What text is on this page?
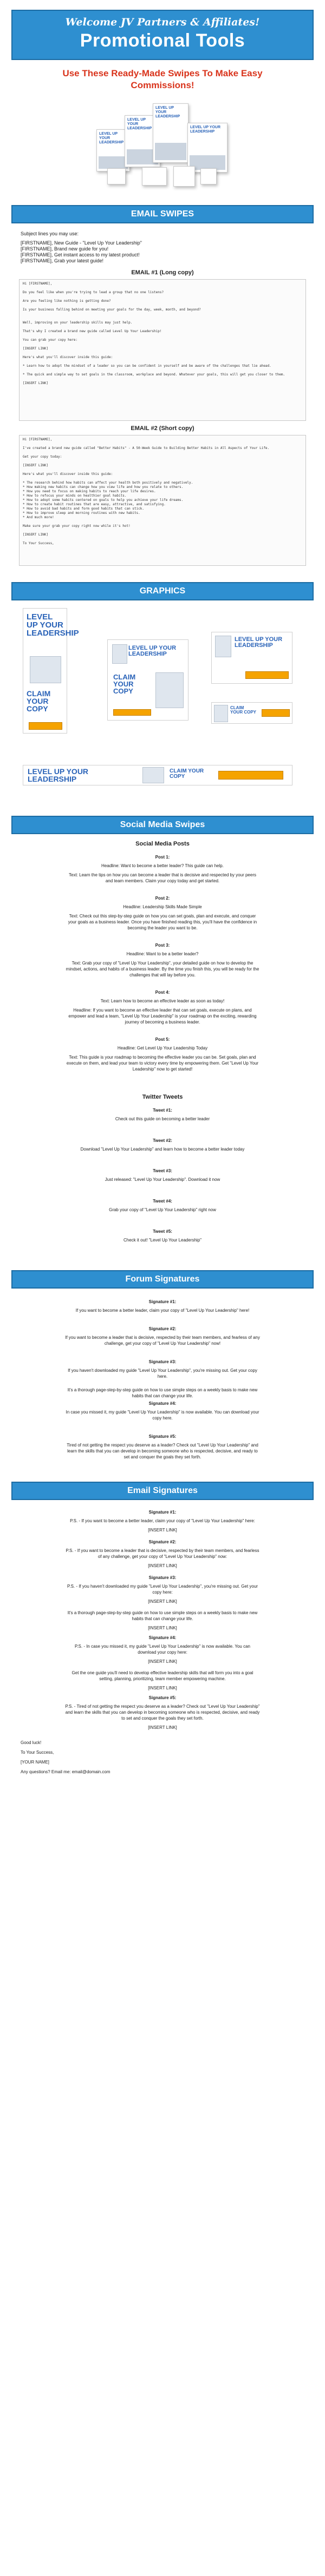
Welcome JV Partners & Affiliates!
Promotional Tools
Use These Ready-Made Swipes To Make Easy Commissions!
LEVEL UP YOUR LEADERSHIP
LEVEL UP YOUR LEADERSHIP
LEVEL UP YOUR LEADERSHIP
LEVEL UP YOUR LEADERSHIP
EMAIL SWIPES
Subject lines you may use:
[FIRSTNAME], New Guide - "Level Up Your Leadership"
[FIRSTNAME], Brand new guide for you!
[FIRSTNAME], Get instant access to my latest product!
[FIRSTNAME], Grab your latest guide!
EMAIL #1 (Long copy)
Hi [FIRSTNAME],

Do you feel like when you're trying to lead a group that no one listens?

Are you feeling like nothing is getting done?

Is your business falling behind on meeting your goals for the day, week, month, and beyond?

Well, improving on your leadership skills may just help.

That's why I created a brand new guide called Level Up Your Leadership!

You can grab your copy here:

[INSERT LINK]

Here's what you'll discover inside this guide:

* Learn how to adopt the mindset of a leader so you can be confident in yourself and be aware of the challenges that lie ahead.

* The quick and simple way to set goals in the classroom, workplace and beyond. Whatever your goals, this will get you closer to them.

[INSERT LINK]
EMAIL #2 (Short copy)
Hi [FIRSTNAME],

I've created a brand new guide called "Better Habits" - A 50-Week Guide to Building Better Habits in All Aspects of Your Life.

Get your copy today:

[INSERT LINK]

Here's what you'll discover inside this guide:

* The research behind how habits can affect your health both positively and negatively.
* How making new habits can change how you view life and how you relate to others.
* How you need to focus on making habits to reach your life desires.
* How to refocus your minds on healthier goal habits.
* How to adopt some habits centered on goals to help you achieve your life dreams.
* How to create habit routines that are easy, attractive, and satisfying.
* How to avoid bad habits and form good habits that can stick.
* How to improve sleep and morning routines with new habits.
* And much more!

Make sure your grab your copy right now while it's hot!

[INSERT LINK]

To Your Success,
GRAPHICS
LEVEL UP YOUR LEADERSHIP
CLAIM YOUR COPY
LEVEL UP YOUR LEADERSHIP
CLAIM YOUR COPY
LEVEL UP YOUR LEADERSHIP
CLAIM YOUR COPY
LEVEL UP YOUR LEADERSHIP
CLAIM YOUR COPY
Social Media Swipes
Social Media Posts
Post 1:
Headline: Want to become a better leader? This guide can help.
Text: Learn the tips on how you can become a leader that is decisive and respected by your peers and team members. Claim your copy today and get started.
Post 2:
Headline: Leadership Skills Made Simple
Text: Check out this step-by-step guide on how you can set goals, plan and execute, and conquer your goals as a business leader. Once you have finished reading this, you'll have the confidence in becoming the leader you want to be.
Post 3:
Headline: Want to be a better leader?
Text: Grab your copy of "Level Up Your Leadership", your detailed guide on how to develop the mindset, actions, and habits of a business leader. By the time you finish this, you will be ready for the challenges that will lay before you.
Post 4:
Text: Learn how to become an effective leader as soon as today!
Headline: If you want to become an effective leader that can set goals, execute on plans, and empower and lead a team, "Level Up Your Leadership" is your roadmap on the exciting, rewarding journey of becoming a business leader.
Post 5:
Headline: Get Level Up Your Leadership Today
Text: This guide is your roadmap to becoming the effective leader you can be. Set goals, plan and execute on them, and lead your team to victory every time by empowering them. Get "Level Up Your Leadership" now to get started!
Twitter Tweets
Tweet #1:
Check out this guide on becoming a better leader
Tweet #2:
Download "Level Up Your Leadership" and learn how to become a better leader today
Tweet #3:
Just released: "Level Up Your Leadership". Download it now
Tweet #4:
Grab your copy of "Level Up Your Leadership" right now
Tweet #5:
Check it out! "Level Up Your Leadership"
Forum Signatures
Signature #1:
If you want to become a better leader, claim your copy of "Level Up Your Leadership" here!
Signature #2:
If you want to become a leader that is decisive, respected by their team members, and fearless of any challenge, get your copy of "Level Up Your Leadership" now!
Signature #3:
If you haven't downloaded my guide "Level Up Your Leadership", you're missing out. Get your copy here.
It's a thorough page-step-by-step guide on how to use simple steps on a weekly basis to make new habits that can change your life.
Signature #4:
In case you missed it, my guide "Level Up Your Leadership" is now available. You can download your copy here.
Signature #5:
Tired of not getting the respect you deserve as a leader? Check out "Level Up Your Leadership" and learn the skills that you can develop in becoming someone who is respected, decisive, and ready to set and conquer the goals they set forth.
Email Signatures
Signature #1:
P.S. - If you want to become a better leader, claim your copy of "Level Up Your Leadership" here:
[INSERT LINK]
Signature #2:
P.S. - If you want to become a leader that is decisive, respected by their team members, and fearless of any challenge, get your copy of "Level Up Your Leadership" now:
[INSERT LINK]
Signature #3:
P.S. - If you haven't downloaded my guide "Level Up Your Leadership", you're missing out. Get your copy here:
[INSERT LINK]
It's a thorough page-step-by-step guide on how to use simple steps on a weekly basis to make new habits that can change your life.
[INSERT LINK]
Signature #4:
P.S. - In case you missed it, my guide "Level Up Your Leadership" is now available. You can download your copy here:
[INSERT LINK]
Get the one guide you'll need to develop effective leadership skills that will form you into a goal setting, planning, prioritizing, team member empowering machine.
[INSERT LINK]
Signature #5:
P.S. - Tired of not getting the respect you deserve as a leader? Check out "Level Up Your Leadership" and learn the skills that you can develop in becoming someone who is respected, decisive, and ready to set and conquer the goals they set forth.
[INSERT LINK]
Good luck!
To Your Success,
[YOUR NAME]
Any questions? Email me: email@domain.com
